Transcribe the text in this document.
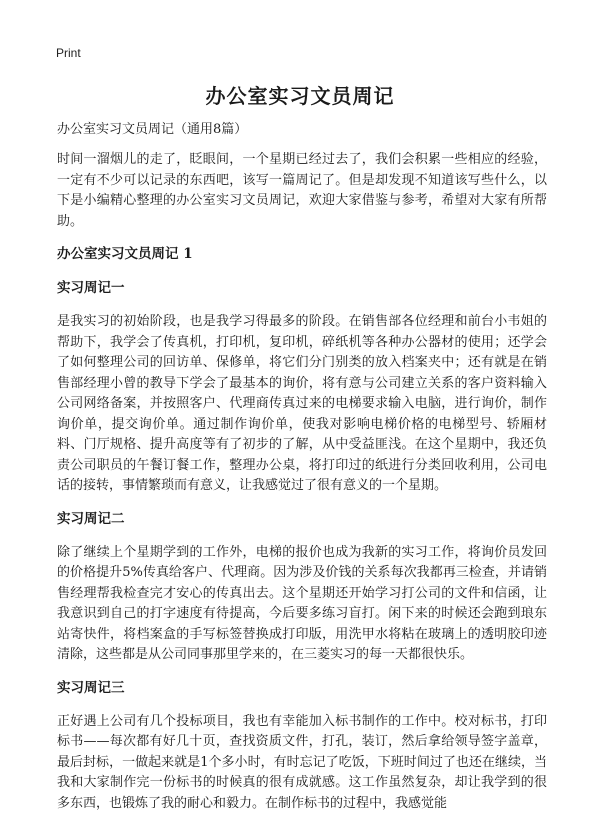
Print
办公室实习文员周记

办公室实习文员周记（通用8篇）

时间一溜烟儿的走了，眨眼间，一个星期已经过去了，我们会积累一些相应的经验，一定有不少可以记录的东西吧，该写一篇周记了。但是却发现不知道该写些什么，以下是小编精心整理的办公室实习文员周记，欢迎大家借鉴与参考，希望对大家有所帮助。

办公室实习文员周记 1

实习周记一

是我实习的初始阶段，也是我学习得最多的阶段。在销售部各位经理和前台小韦姐的帮助下，我学会了传真机，打印机，复印机，碎纸机等各种办公器材的使用；还学会了如何整理公司的回访单、保修单，将它们分门别类的放入档案夹中；还有就是在销售部经理小曾的教导下学会了最基本的询价，将有意与公司建立关系的客户资料输入公司网络备案，并按照客户、代理商传真过来的电梯要求输入电脑，进行询价，制作询价单，提交询价单。通过制作询价单，使我对影响电梯价格的电梯型号、轿厢材料、门厅规格、提升高度等有了初步的了解，从中受益匪浅。在这个星期中，我还负责公司职员的午餐订餐工作，整理办公桌，将打印过的纸进行分类回收利用，公司电话的接转，事情繁琐而有意义，让我感觉过了很有意义的一个星期。

实习周记二

除了继续上个星期学到的工作外，电梯的报价也成为我新的实习工作，将询价员发回的价格提升5%传真给客户、代理商。因为涉及价钱的关系每次我都再三检查，并请销售经理帮我检查完才安心的传真出去。这个星期还开始学习打公司的文件和信函，让我意识到自己的打字速度有待提高，今后要多练习盲打。闲下来的时候还会跑到琅东站寄快件，将档案盒的手写标签替换成打印版，用洗甲水将粘在玻璃上的透明胶印迹清除，这些都是从公司同事那里学来的，在三菱实习的每一天都很快乐。

实习周记三

正好遇上公司有几个投标项目，我也有幸能加入标书制作的工作中。校对标书，打印标书——每次都有好几十页，查找资质文件，打孔，装订，然后拿给领导签字盖章，最后封标，一做起来就是1个多小时，有时忘记了吃饭，下班时间过了也还在继续，当我和大家制作完一份标书的时候真的很有成就感。这工作虽然复杂，却让我学到的很多东西，也锻炼了我的耐心和毅力。在制作标书的过程中，我感觉能
